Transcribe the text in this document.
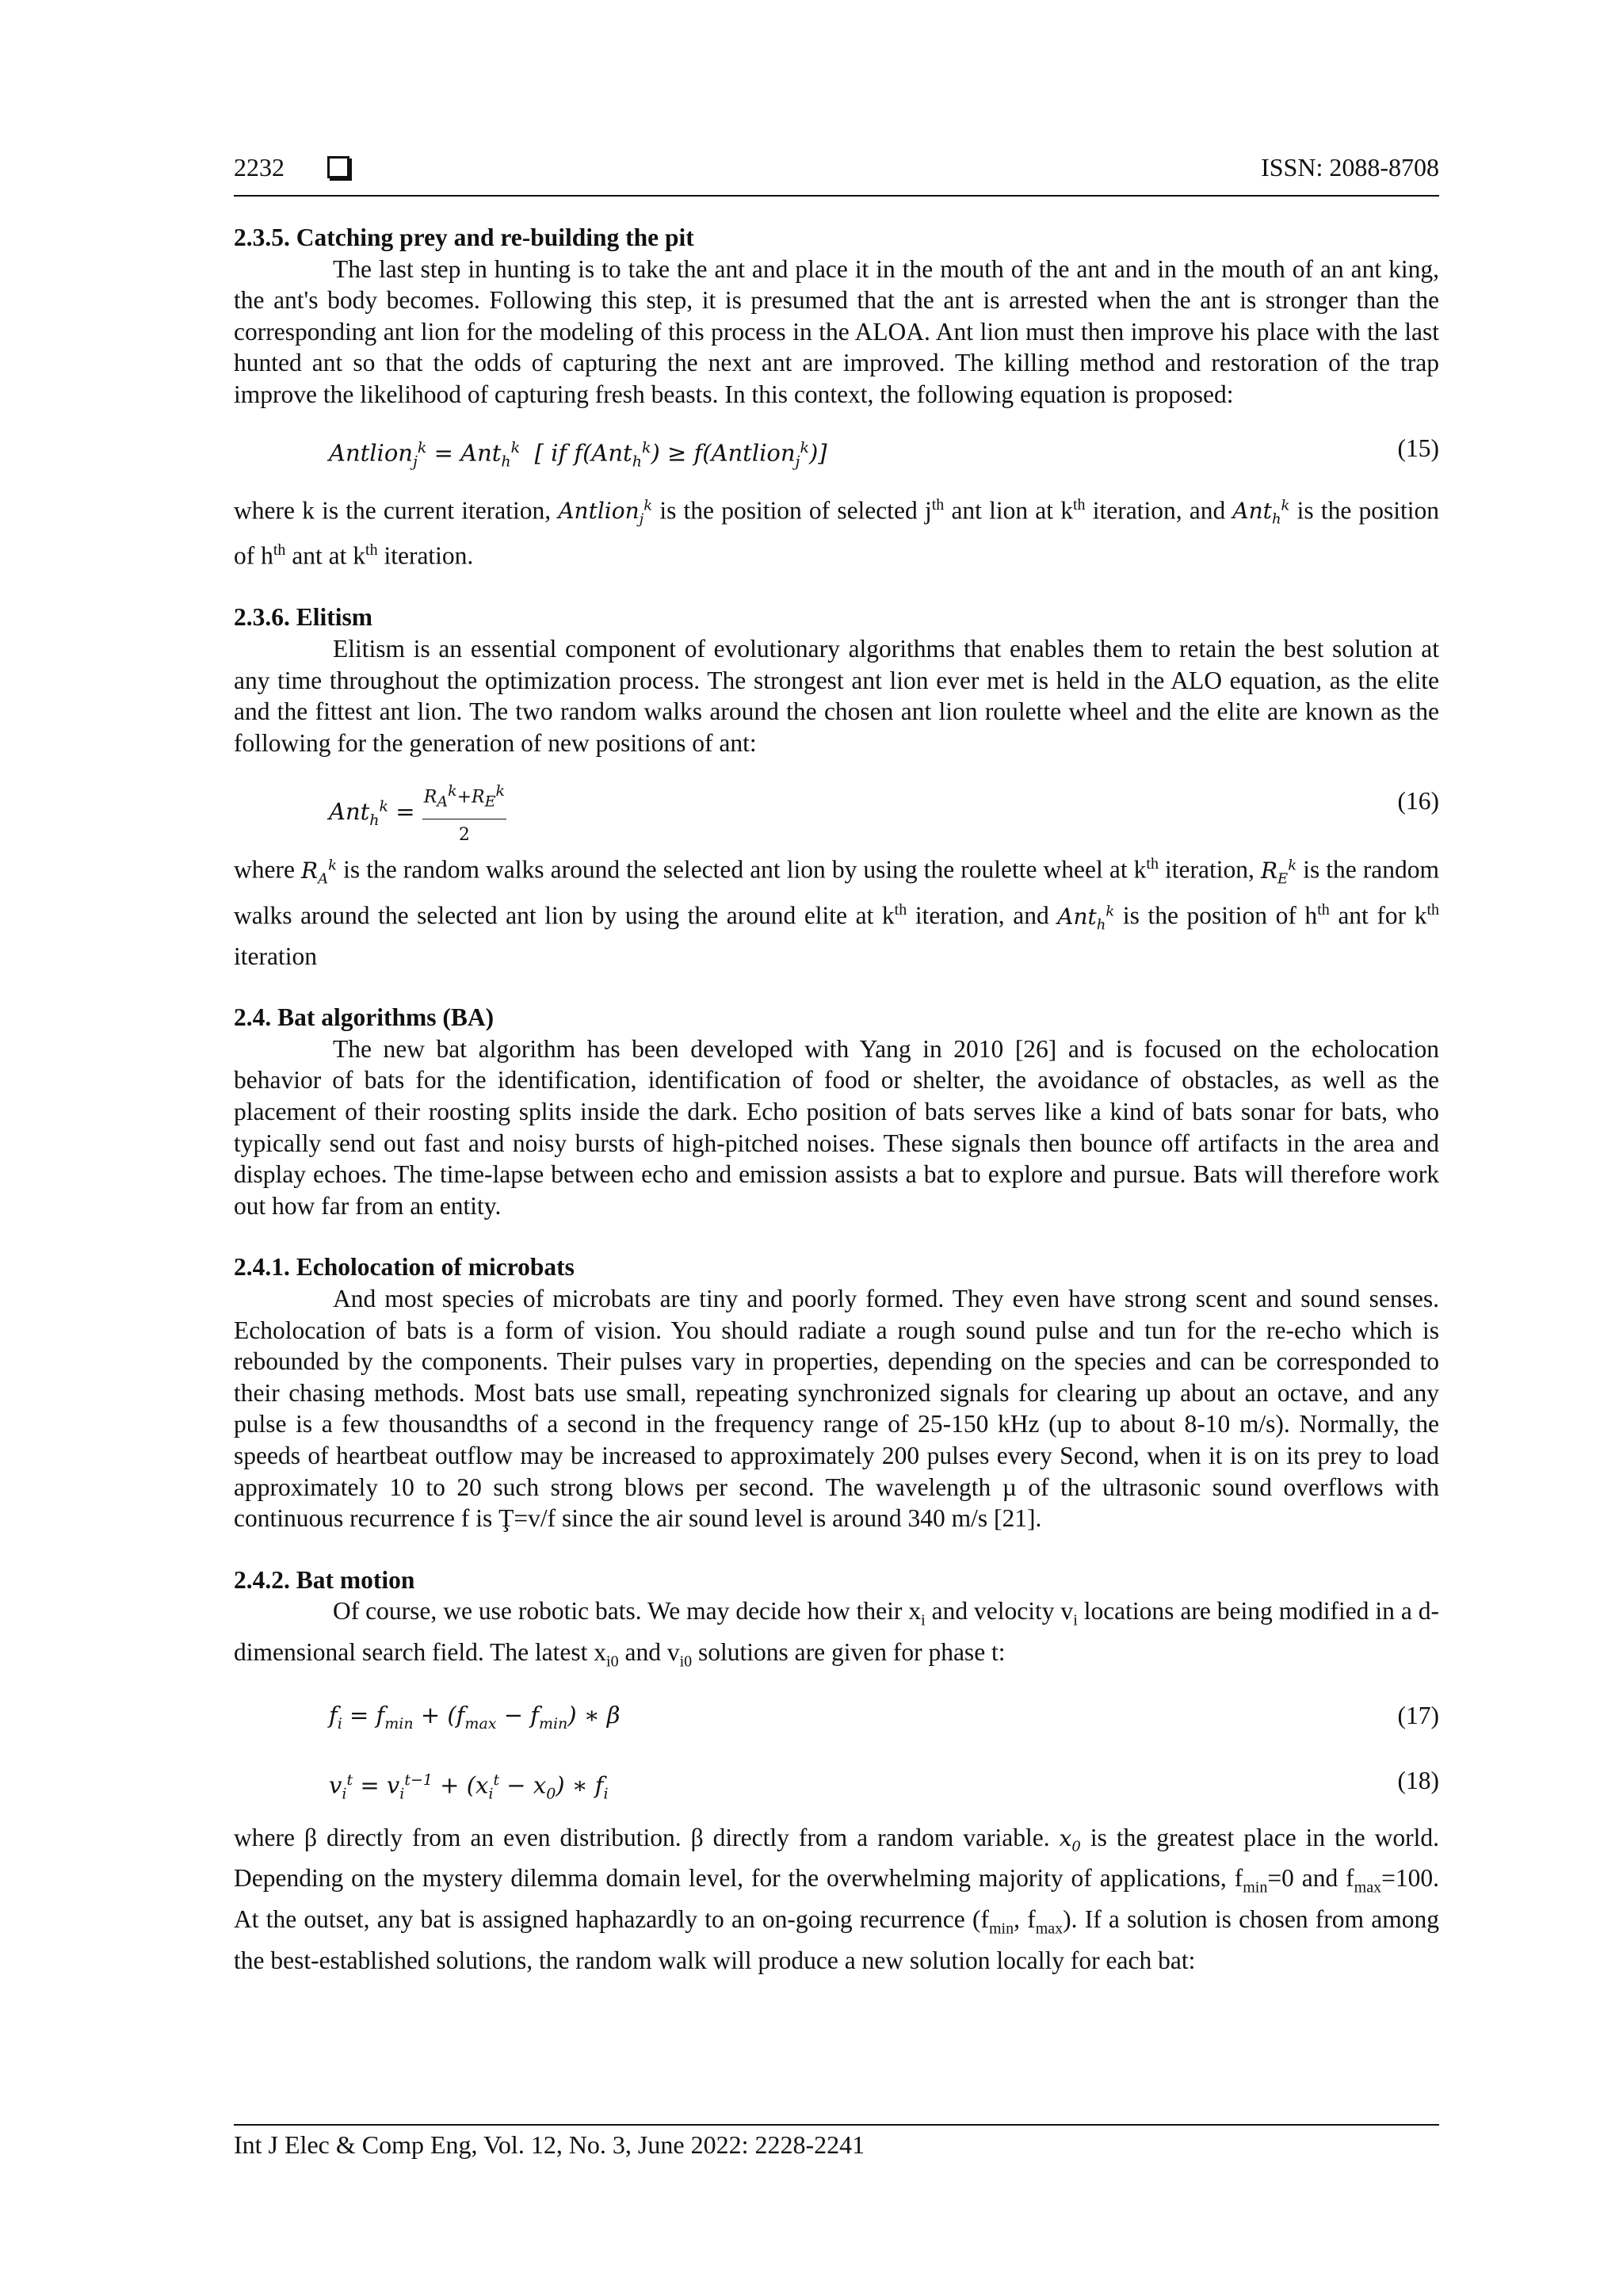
2232	ISSN: 2088-8708
2.3.5. Catching prey and re-building the pit

The last step in hunting is to take the ant and place it in the mouth of the ant and in the mouth of an ant king, the ant's body becomes. Following this step, it is presumed that the ant is arrested when the ant is stronger than the corresponding ant lion for the modeling of this process in the ALOA. Ant lion must then improve his place with the last hunted ant so that the odds of capturing the next ant are improved. The killing method and restoration of the trap improve the likelihood of capturing fresh beasts. In this context, the following equation is proposed:

Antlion$_j^k$ = Ant$_h^k$  [ if f(Ant$_h^k$) ≥ f(Antlion$_j^k$)]	(15)

where k is the current iteration, Antlion$_j^k$ is the position of selected $j^{th}$ ant lion at $k^{th}$ iteration, and Ant$_h^k$ is the position of $h^{th}$ ant at $k^{th}$ iteration.

2.3.6. Elitism

Elitism is an essential component of evolutionary algorithms that enables them to retain the best solution at any time throughout the optimization process. The strongest ant lion ever met is held in the ALO equation, as the elite and the fittest ant lion. The two random walks around the chosen ant lion roulette wheel and the elite are known as the following for the generation of new positions of ant:

$Ant_h^k = \frac{R_A^k+R_E^k}{2}$	(16)

where $R_A^k$ is the random walks around the selected ant lion by using the roulette wheel at $k^{th}$ iteration, $R_E^k$ is the random walks around the selected ant lion by using the around elite at $k^{th}$ iteration, and Ant$_h^k$ is the position of $h^{th}$ ant for $k^{th}$ iteration

2.4. Bat algorithms (BA)

The new bat algorithm has been developed with Yang in 2010 [26] and is focused on the echolocation behavior of bats for the identification, identification of food or shelter, the avoidance of obstacles, as well as the placement of their roosting splits inside the dark. Echo position of bats serves like a kind of bats sonar for bats, who typically send out fast and noisy bursts of high-pitched noises. These signals then bounce off artifacts in the area and display echoes. The time-lapse between echo and emission assists a bat to explore and pursue. Bats will therefore work out how far from an entity.

2.4.1. Echolocation of microbats

And most species of microbats are tiny and poorly formed. They even have strong scent and sound senses. Echolocation of bats is a form of vision. You should radiate a rough sound pulse and tun for the re-echo which is rebounded by the components. Their pulses vary in properties, depending on the species and can be corresponded to their chasing methods. Most bats use small, repeating synchronized signals for clearing up about an octave, and any pulse is a few thousandths of a second in the frequency range of 25-150 kHz (up to about 8-10 m/s). Normally, the speeds of heartbeat outflow may be increased to approximately 200 pulses every Second, when it is on its prey to load approximately 10 to 20 such strong blows per second. The wavelength µ of the ultrasonic sound overflows with continuous recurrence f is Ţ=v/f since the air sound level is around 340 m/s [21].

2.4.2. Bat motion

Of course, we use robotic bats. We may decide how their $x_i$ and velocity $v_i$ locations are being modified in a d-dimensional search field. The latest $x_{i0}$ and $v_{i0}$ solutions are given for phase t:

$f_i = f_{min} + (f_{max} - f_{min})$ ∗ β	(17)
$v_i^t = v_i^{t-1} + (x_i^t - x_0)$ ∗ $f_i$	(18)

where β directly from an even distribution. β directly from a random variable. $x_0$ is the greatest place in the world. Depending on the mystery dilemma domain level, for the overwhelming majority of applications, $f_{min}=0$ and $f_{max}=100$. At the outset, any bat is assigned haphazardly to an on-going recurrence ($f_{min}$, $f_{max}$). If a solution is chosen from among the best-established solutions, the random walk will produce a new solution locally for each bat:

Int J Elec & Comp Eng, Vol. 12, No. 3, June 2022: 2228-2241
